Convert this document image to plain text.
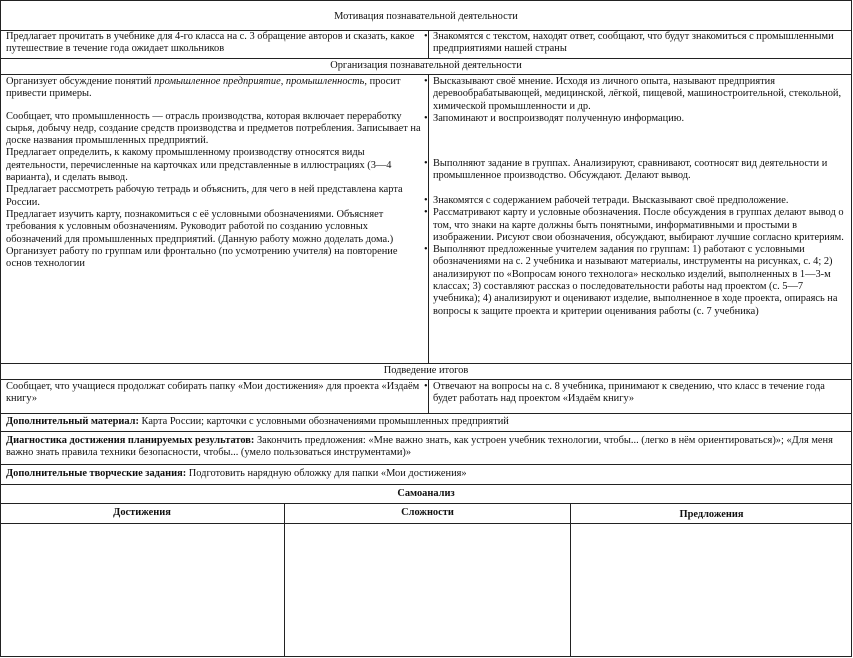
Мотивация познавательной деятельности
Организация познавательной деятельности
Подведение итогов
Самоанализ

• Предлагает прочитать в учебнике для 4-го класса на с. 3 обращение авторов и сказать, какое путешествие в течение года ожидает школьников

• Знакомятся с текстом, находят ответ, сообщают, что будут знакомиться с промышленными предприятиями нашей страны

• Организует обсуждение понятий промышленное предприятие, промышленность, просит привести примеры.

• Сообщает, что промышленность — отрасль производства, которая включает переработку сырья, добычу недр, создание средств производства и предметов потребления. Записывает на доске названия промышленных предприятий.

• Предлагает определить, к какому промышленному производству относятся виды деятельности, перечисленные на карточках или представленные в иллюстрациях (3—4 варианта), и сделать вывод.

• Предлагает рассмотреть рабочую тетрадь и объяснить, для чего в ней представлена карта России.

• Предлагает изучить карту, познакомиться с её условными обозначениями. Объясняет требования к условным обозначениям. Руководит работой по созданию условных обозначений для промышленных предприятий. (Данную работу можно доделать дома.)

• Организует работу по группам или фронтально (по усмотрению учителя) на повторение основ технологии

• Высказывают своё мнение. Исходя из личного опыта, называют предприятия деревообрабатывающей, медицинской, лёгкой, пищевой, машиностроительной, стекольной, химической промышленности и др.

• Запоминают и воспроизводят полученную информацию.

• Выполняют задание в группах. Анализируют, сравнивают, соотносят вид деятельности и промышленное производство. Обсуждают. Делают вывод.

• Знакомятся с содержанием рабочей тетради. Высказывают своё предположение.

• Рассматривают карту и условные обозначения. После обсуждения в группах делают вывод о том, что знаки на карте должны быть понятными, информативными и простыми в изображении. Рисуют свои обозначения, обсуждают, выбирают лучшие согласно критериям.

• Выполняют предложенные учителем задания по группам: 1) работают с условными обозначениями на с. 2 учебника и называют материалы, инструменты на рисунках, с. 4; 2) анализируют по «Вопросам юного технолога» несколько изделий, выполненных в 1—3-м классах; 3) составляют рассказ о последовательности работы над проектом (с. 5—7 учебника); 4) анализируют и оценивают изделие, выполненное в ходе проекта, опираясь на вопросы к защите проекта и критерии оценивания работы (с. 7 учебника)

• Сообщает, что учащиеся продолжат собирать папку «Мои достижения» для проекта «Издаём книгу»

• Отвечают на вопросы на с. 8 учебника, принимают к сведению, что класс в течение года будет работать над проектом «Издаём книгу»

Дополнительный материал: Карта России; карточки с условными обозначениями промышленных предприятий
Диагностика достижения планируемых результатов: Закончить предложения: «Мне важно знать, как устроен учебник технологии, чтобы... (легко в нём ориентироваться)»; «Для меня важно знать правила техники безопасности, чтобы... (умело пользоваться инструментами)»
Дополнительные творческие задания: Подготовить нарядную обложку для папки «Мои достижения»
Достижения	Сложности	Предложения
